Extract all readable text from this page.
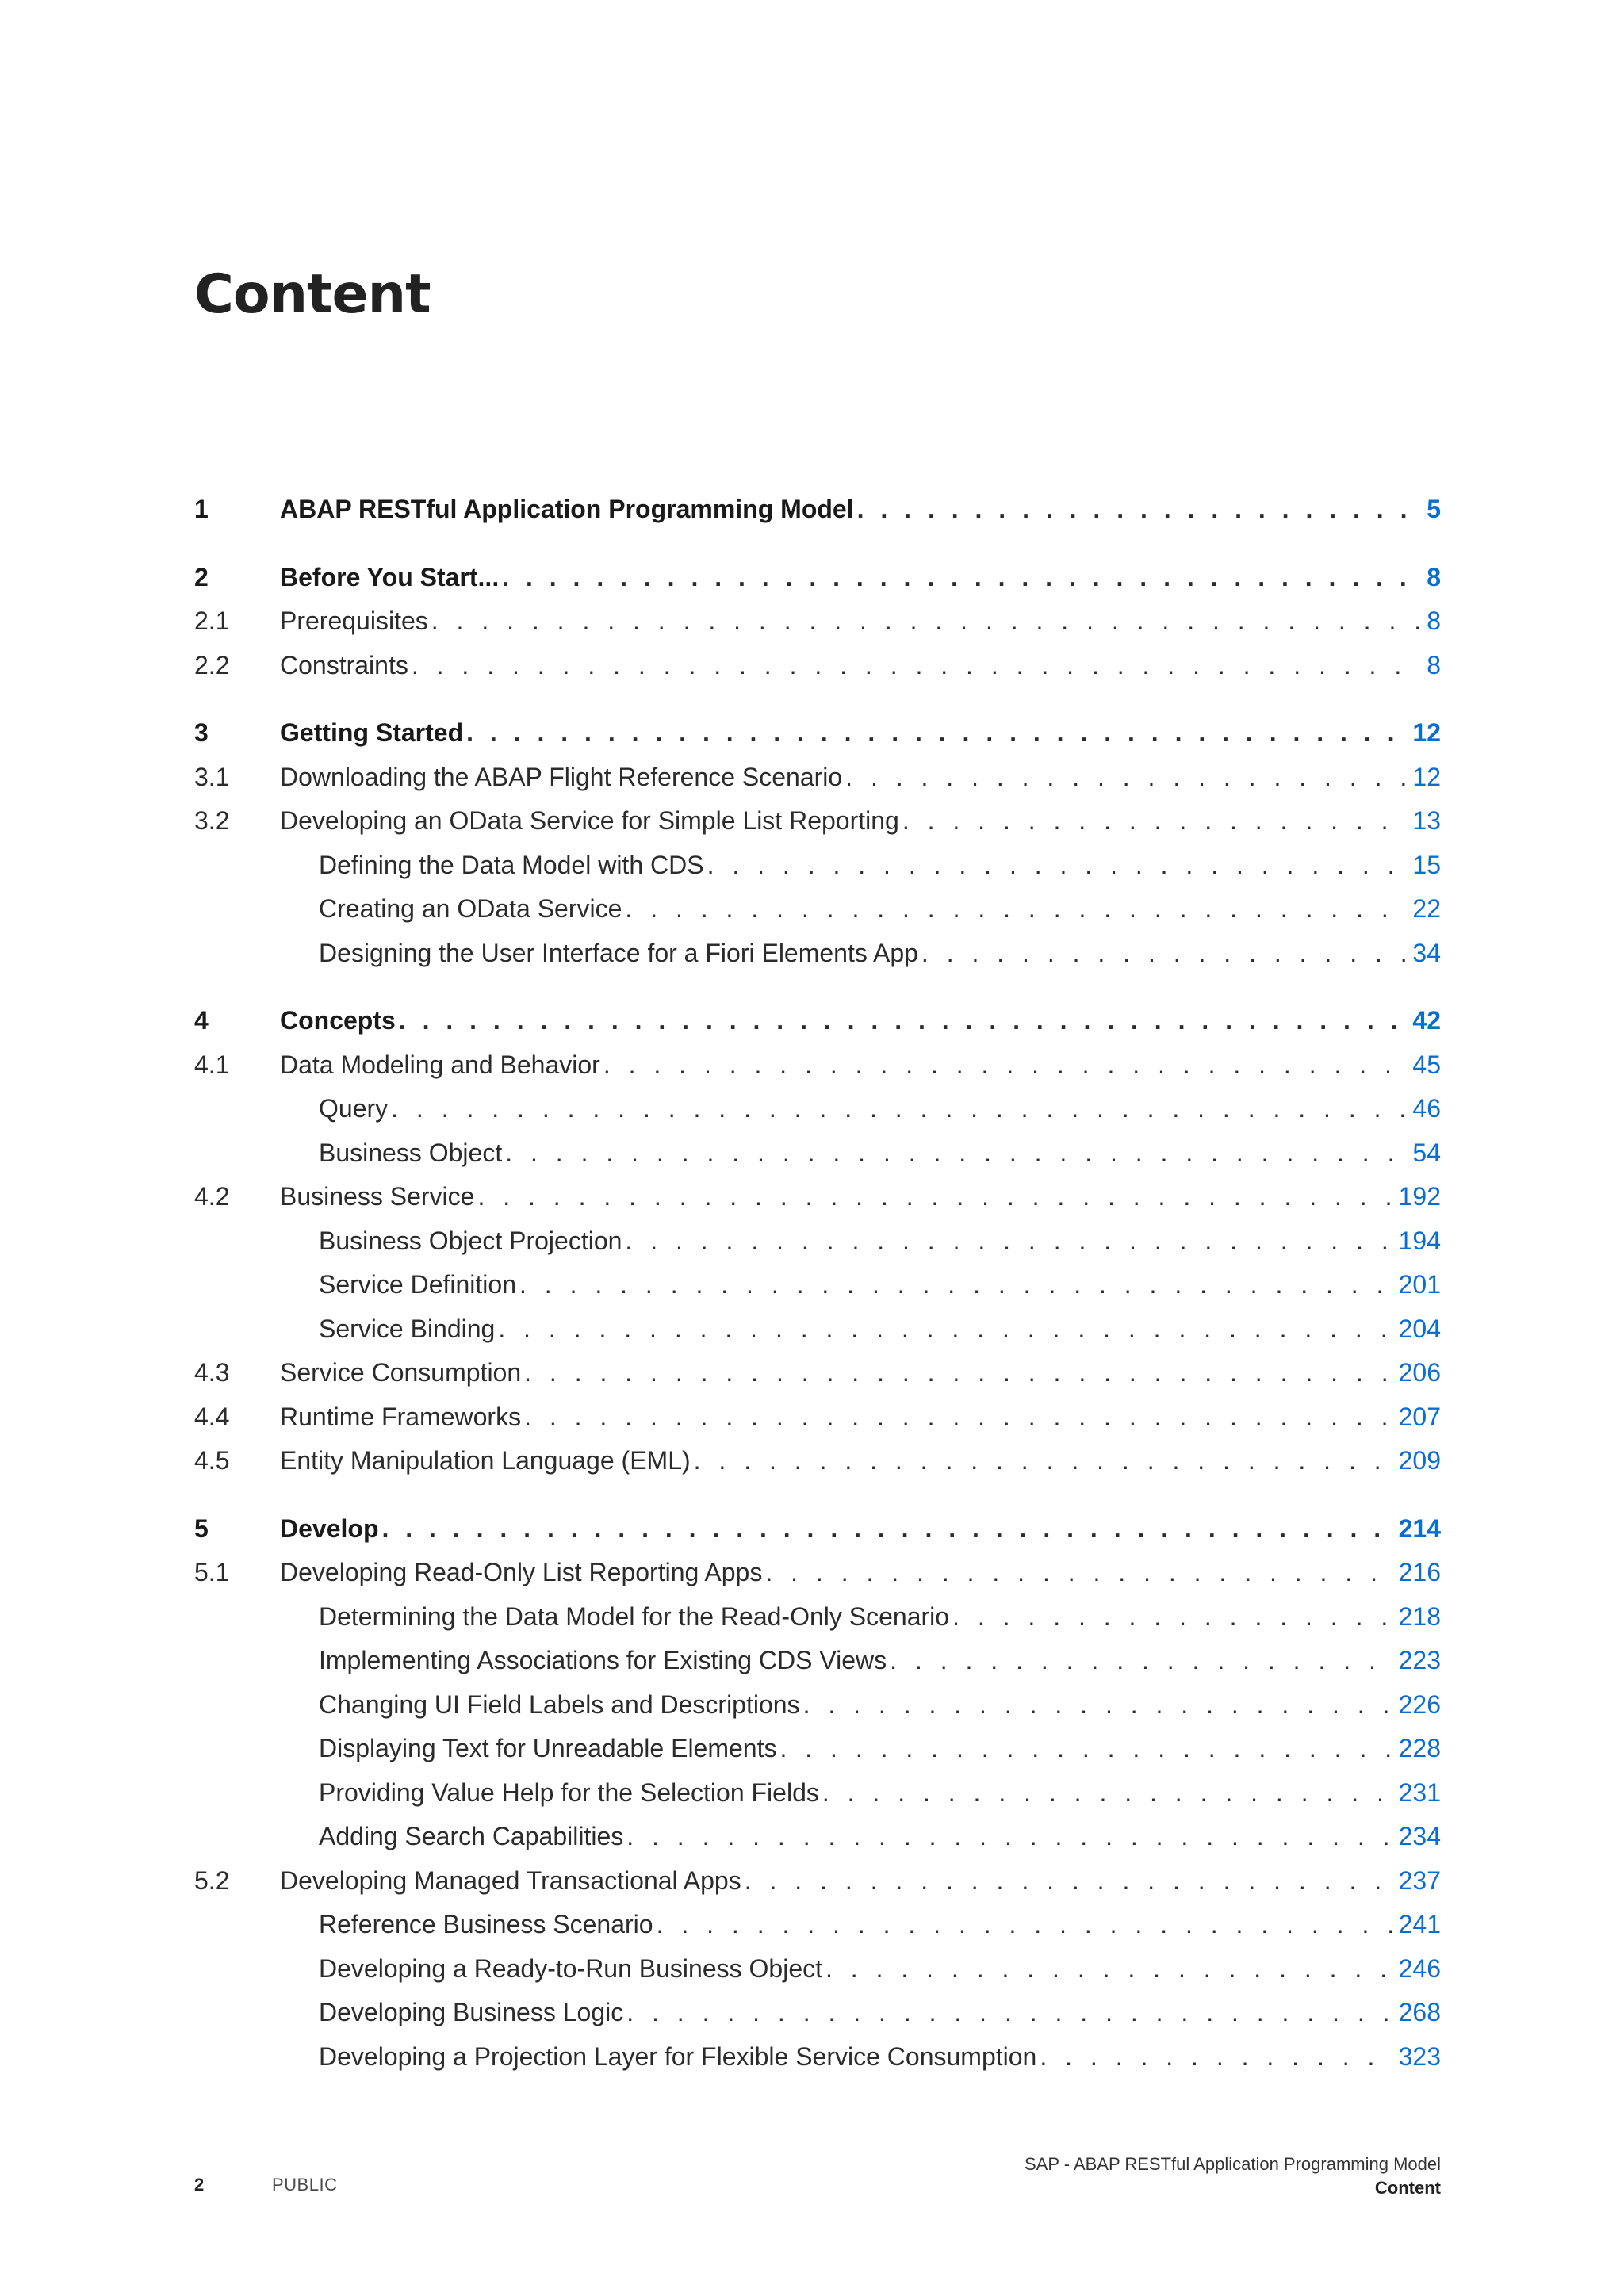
Content
1	ABAP RESTful Application Programming Model . . .	5
2	Before You Start... . . .	8
2.1	Prerequisites . . .	8
2.2	Constraints . . .	8
3	Getting Started . . .	12
3.1	Downloading the ABAP Flight Reference Scenario . . .	12
3.2	Developing an OData Service for Simple List Reporting . . .	13
Defining the Data Model with CDS . . .	15
Creating an OData Service . . .	22
Designing the User Interface for a Fiori Elements App . . .	34
4	Concepts . . .	42
4.1	Data Modeling and Behavior . . .	45
Query . . .	46
Business Object . . .	54
4.2	Business Service . . .	192
Business Object Projection . . .	194
Service Definition . . .	201
Service Binding . . .	204
4.3	Service Consumption . . .	206
4.4	Runtime Frameworks . . .	207
4.5	Entity Manipulation Language (EML) . . .	209
5	Develop . . .	214
5.1	Developing Read-Only List Reporting Apps . . .	216
Determining the Data Model for the Read-Only Scenario . . .	218
Implementing Associations for Existing CDS Views . . .	223
Changing UI Field Labels and Descriptions . . .	226
Displaying Text for Unreadable Elements . . .	228
Providing Value Help for the Selection Fields . . .	231
Adding Search Capabilities . . .	234
5.2	Developing Managed Transactional Apps . . .	237
Reference Business Scenario . . .	241
Developing a Ready-to-Run Business Object . . .	246
Developing Business Logic . . .	268
Developing a Projection Layer for Flexible Service Consumption . . .	323
2	PUBLIC
SAP - ABAP RESTful Application Programming Model
Content
